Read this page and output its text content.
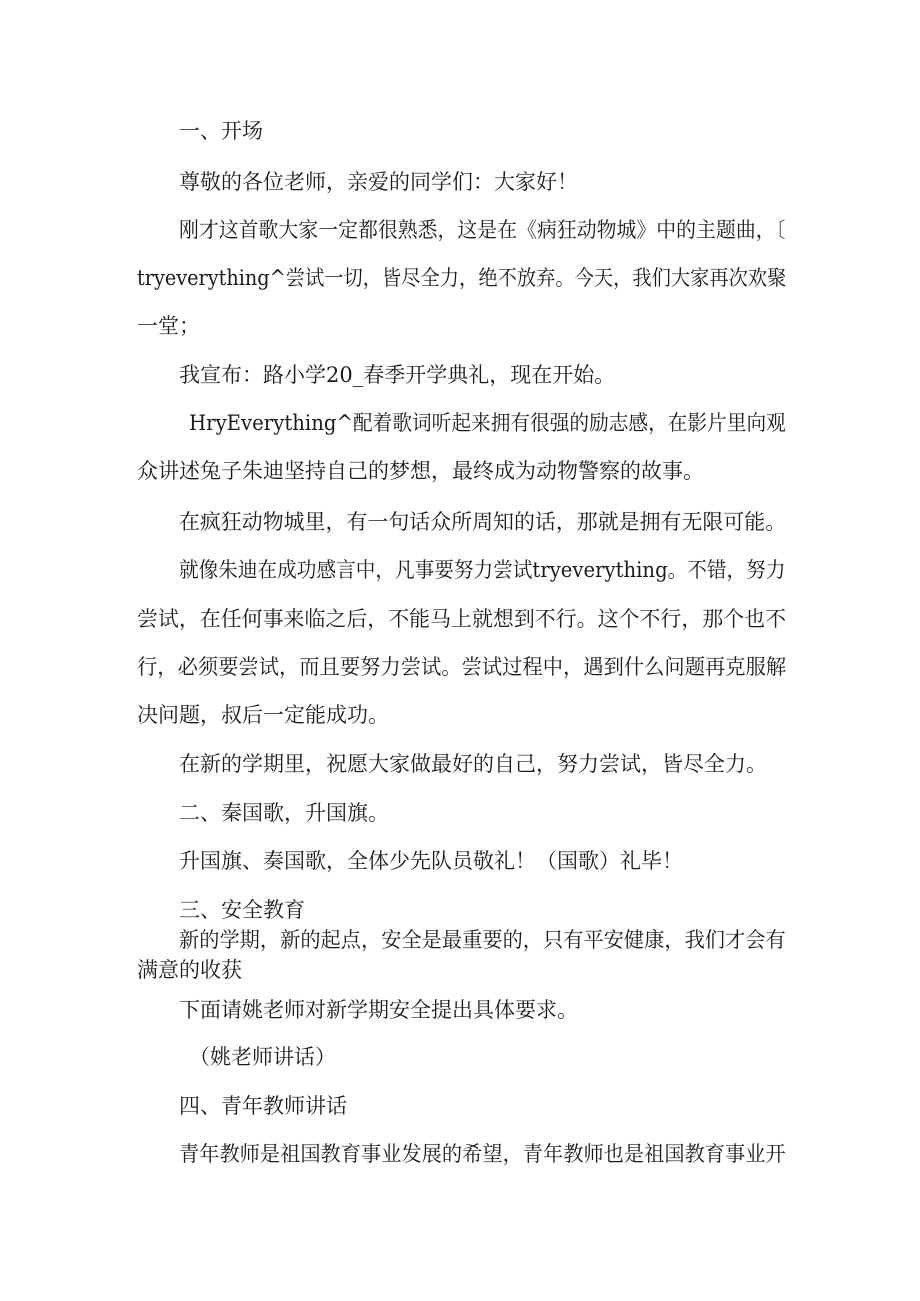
一、开场
尊敬的各位老师，亲爱的同学们：大家好！
刚才这首歌大家一定都很熟悉，这是在《病狂动物城》中的主题曲，〔
tryeverything^尝试一切，皆尽全力，绝不放弃。今天，我们大家再次欢聚
一堂；
我宣布：路小学20_春季开学典礼，现在开始。
HryEverything^配着歌词听起来拥有很强的励志感，在影片里向观
众讲述兔子朱迪坚持自己的梦想，最终成为动物警察的故事。
在疯狂动物城里，有一句话众所周知的话，那就是拥有无限可能。
就像朱迪在成功感言中，凡事要努力尝试tryeverything。不错，努力
尝试，在任何事来临之后，不能马上就想到不行。这个不行，那个也不
行，必须要尝试，而且要努力尝试。尝试过程中，遇到什么问题再克服解
决问题，叔后一定能成功。
在新的学期里，祝愿大家做最好的自己，努力尝试，皆尽全力。
二、秦国歌，升国旗。
升国旗、奏国歌，全体少先队员敬礼！（国歌）礼毕！
三、安全教育
新的学期，新的起点，安全是最重要的，只有平安健康，我们才会有
满意的收获
下面请姚老师对新学期安全提出具体要求。
（姚老师讲话）
四、青年教师讲话
青年教师是祖国教育事业发展的希望，青年教师也是祖国教育事业开
